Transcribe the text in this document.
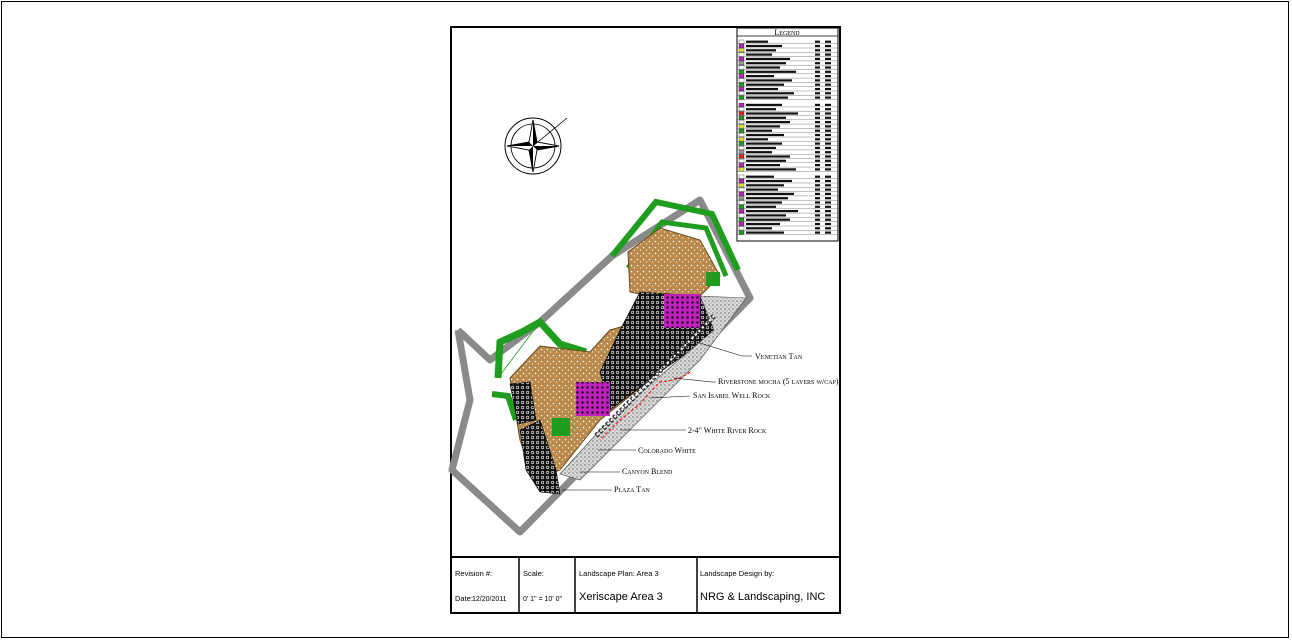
Legend
Venetian Tan
Riverstone mocha (5 layers w/cap)
San Isabel Well Rock
2-4" White River Rock
Colorado White
Canyon Blend
Plaza Tan
Revision #:
Date: 12/20/2011
Scale:
0' 1" = 10' 0"
Landscape Plan: Area 3
Xeriscape Area 3
Landscape Design by:
NRG & Landscaping, INC
